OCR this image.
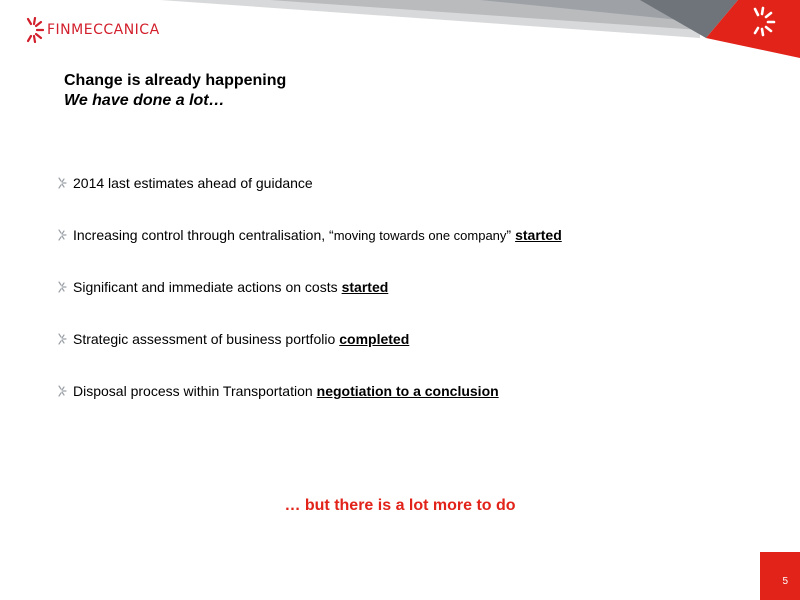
FINMECCANICA
Change is already happening
We have done a lot…
2014 last estimates ahead of guidance
Increasing control through centralisation, “ moving towards one company ” started
Significant and immediate actions on costs started
Strategic assessment of business portfolio completed
Disposal process within Transportation negotiation to a conclusion
… but there is a lot more to do
5
